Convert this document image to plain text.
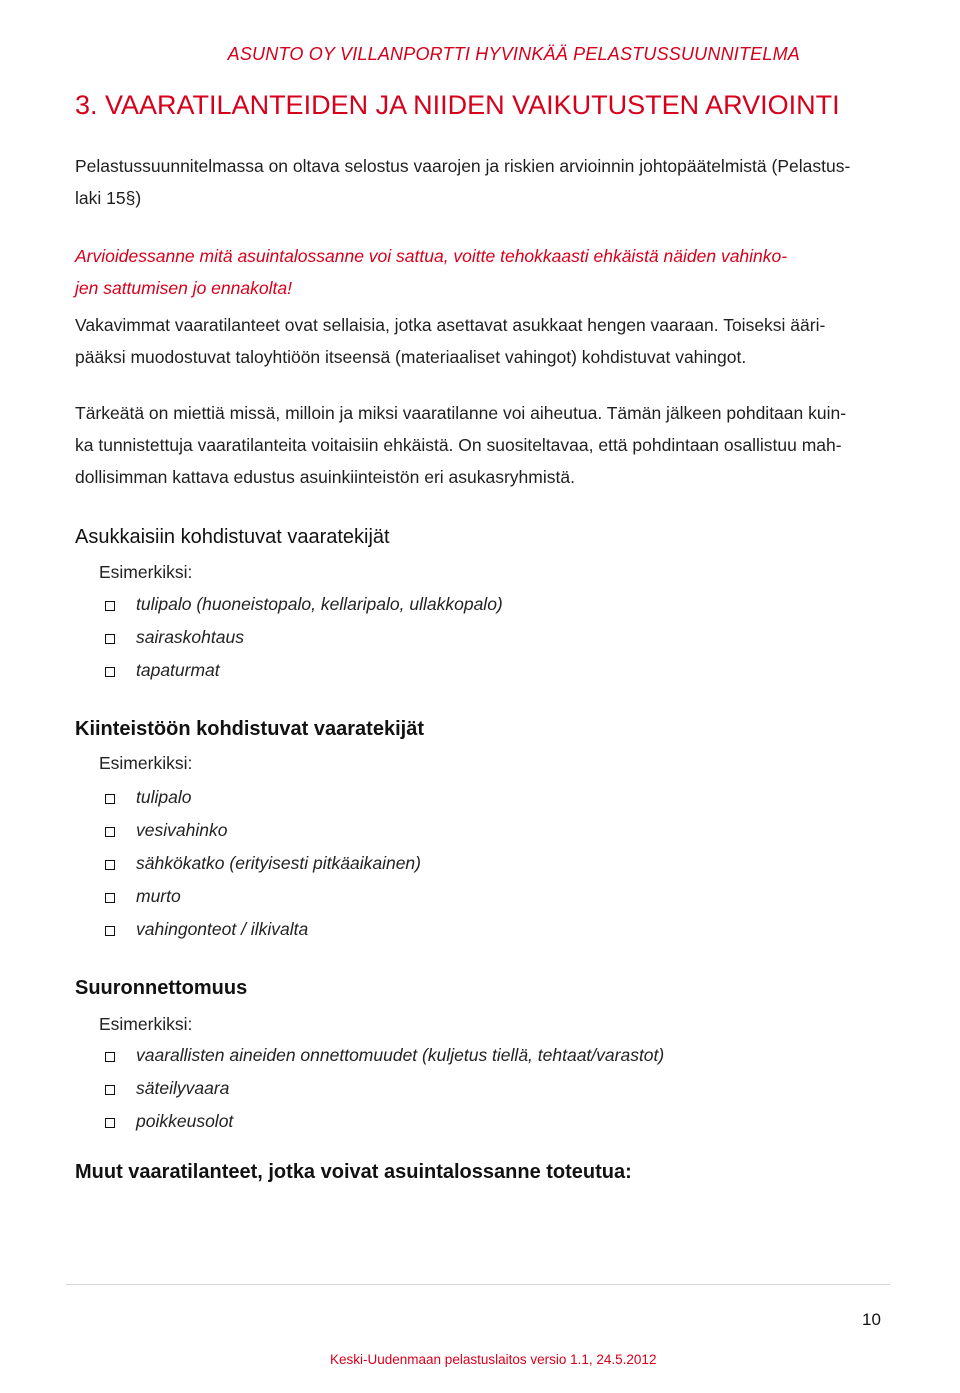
ASUNTO OY VILLANPORTTI HYVINKÄÄ PELASTUSSUUNNITELMA
3. VAARATILANTEIDEN JA NIIDEN VAIKUTUSTEN ARVIOINTI
Pelastussuunnitelmassa on oltava selostus vaarojen ja riskien arvioinnin johtopäätelmistä (Pelastus-
laki 15§)
Arvioidessanne mitä asuintalossanne voi sattua, voitte tehokkaasti ehkäistä näiden vahinko-
jen sattumisen jo ennakolta!
Vakavimmat vaaratilanteet ovat sellaisia, jotka asettavat asukkaat hengen vaaraan. Toiseksi ääri-
pääksi muodostuvat taloyhtiöön itseensä (materiaaliset vahingot) kohdistuvat vahingot.
Tärkeätä on miettiä missä, milloin ja miksi vaaratilanne voi aiheutua. Tämän jälkeen pohditaan kuin-
ka tunnistettuja vaaratilanteita voitaisiin ehkäistä. On suositeltavaa, että pohdintaan osallistuu mah-
dollisimman kattava edustus asuinkiinteistön eri asukasryhmistä.
Asukkaisiin kohdistuvat vaaratekijät
Esimerkiksi:
tulipalo (huoneistopalo, kellaripalo, ullakkopalo)
sairaskohtaus
tapaturmat
Kiinteistöön kohdistuvat vaaratekijät
Esimerkiksi:
tulipalo
vesivahinko
sähkökatko (erityisesti pitkäaikainen)
murto
vahingonteot / ilkivalta
Suuronnettomuus
Esimerkiksi:
vaarallisten aineiden onnettomuudet (kuljetus tiellä, tehtaat/varastot)
säteilyvaara
poikkeusolot
Muut vaaratilanteet, jotka voivat asuintalossanne toteutua:
10
Keski-Uudenmaan pelastuslaitos versio 1.1, 24.5.2012
